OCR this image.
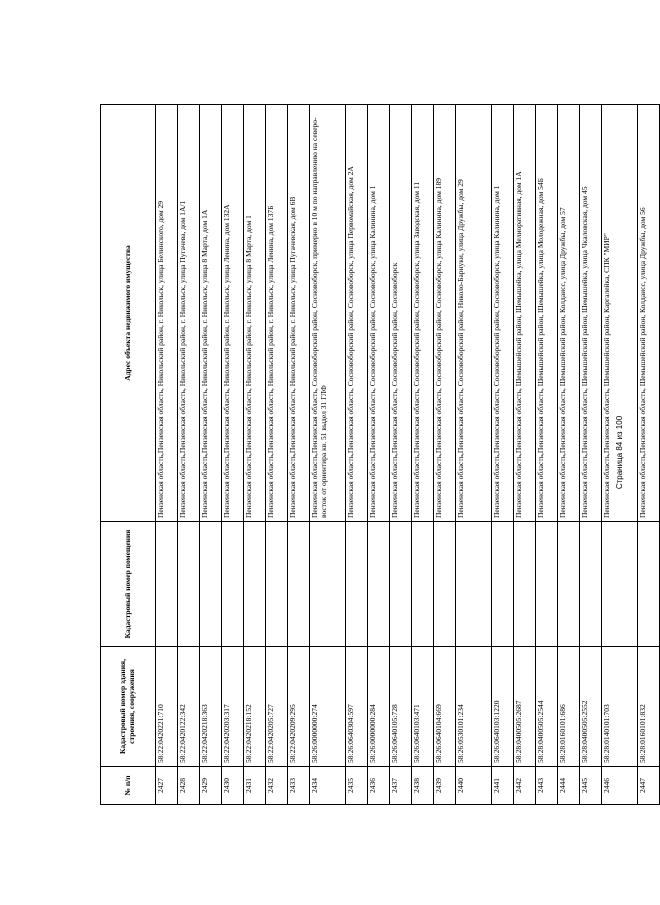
№ п/п	Кадастровый номер здания, строения, сооружения	Кадастровый номер помещения	Адрес объекта недвижимого имущества
2427	58:22:0420221:710		Пензенская область,Пензенская область, Никольский район, г. Никольск, улица Белинского, дом 29
2428	58:22:0420122:342		Пензенская область,Пензенская область, Никольский район, г. Никольск, улица Пугачева, дом 1А/1
2429	58:22:0420218:363		Пензенская область,Пензенская область, Никольский район, г. Никольск, улица 8 Марта, дом 1А
2430	58:22:0420203:317		Пензенская область,Пензенская область, Никольский район, г. Никольск, улица Ленина, дом 132А
2431	58:22:0420218:152		Пензенская область,Пензенская область, Никольский район, г. Никольск, улица 8 Марта, дом 1
2432	58:22:0420205:727		Пензенская область,Пензенская область, Никольский район, г. Никольск, улица Ленина, дом 137Б
2433	58:22:0420209:295		Пензенская область,Пензенская область, Никольский район, г. Никольск, улица Пугачевская, дом 6В
2434	58:26:0000000:274		Пензенская область,Пензенская область, Сосновоборский район, Сосновоборск, примерно в 10 м по направлению на северо-восток от ориентира кв. 51 выдел 31 ГЛФ
2435	58:26:0640304:597		Пензенская область,Пензенская область, Сосновоборский район, Сосновоборск, улица Первомайская, дом 2А
2436	58:26:0000000:284		Пензенская область,Пензенская область, Сосновоборский район, Сосновоборск, улица Калинина, дом 1
2437	58:26:0640105:728		Пензенская область,Пензенская область, Сосновоборский район, Сосновоборск
2438	58:26:0640103:471		Пензенская область,Пензенская область, Сосновоборский район, Сосновоборск, улица Заводская, дом 11
2439	58:26:0640104:669		Пензенская область,Пензенская область, Сосновоборский район, Сосновоборск, улица Калинина, дом 189
2440	58:26:0530101:234		Пензенская область,Пензенская область, Сосновоборский район, Николо-Барнуки, улица Дружбы, дом 29
2441	58:26:0640103:1220		Пензенская область,Пензенская область, Сосновоборский район, Сосновоборск, улица Калинина, дом 1
2442	58:28:0400505:2687		Пензенская область,Пензенская область, Шемышейский район, Шемышейка, улица Мелиоративная, дом 1А
2443	58:28:0400505:2544		Пензенская область,Пензенская область, Шемышейский район, Шемышейка, улица Молодежная, дом 54Б
2444	58:28:0160101:686		Пензенская область,Пензенская область, Шемышейский район, Колдаисс, улица Дружбы, дом 57
2445	58:28:0400505:2552		Пензенская область,Пензенская область, Шемышейский район, Шемышейка, улица Чкаловская, дом 45
2446	58:28:0140101:703		Пензенская область,Пензенская область, Шемышейский район, Каргалейка, СПК "МИР"
2447	58:28:0160101:832		Пензенская область,Пензенская область, Шемышейский район, Колдаисс, улица Дружбы, дом 56
Страница 84 из 100
